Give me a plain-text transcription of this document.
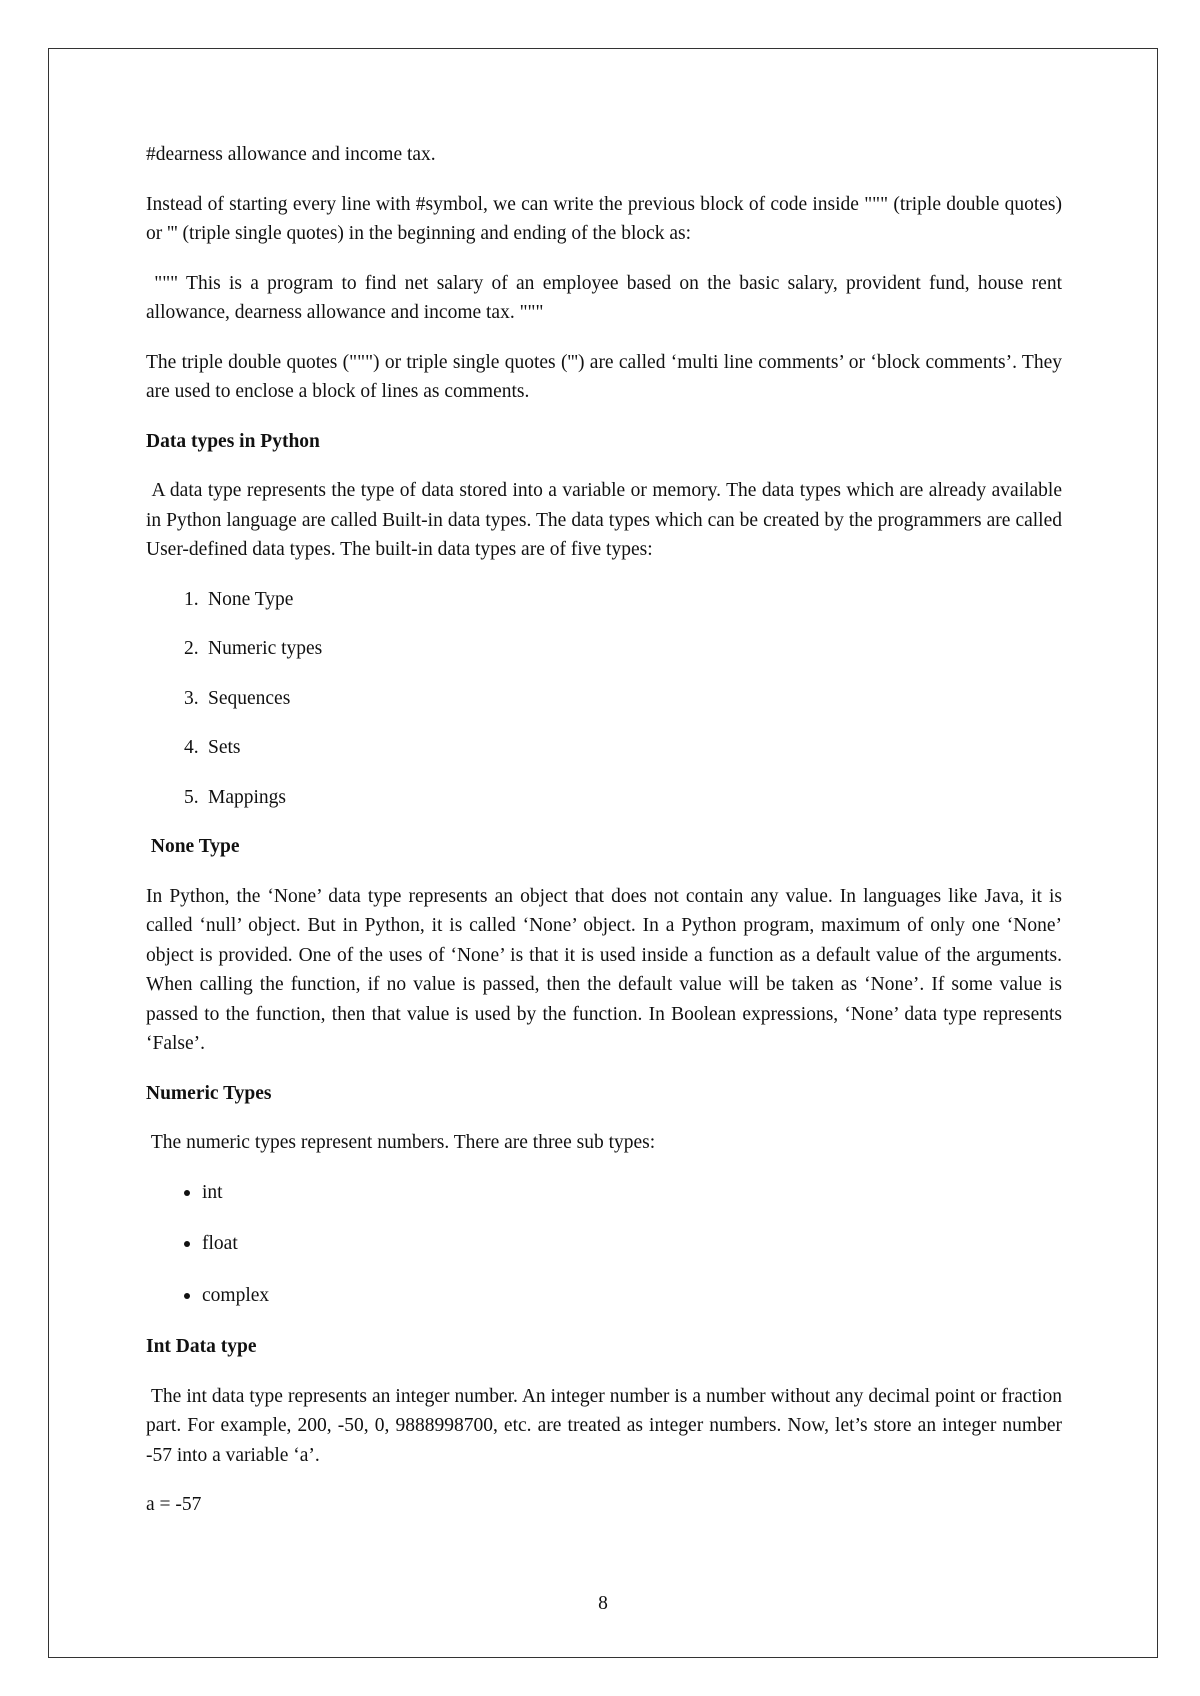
#dearness allowance and income tax.

Instead of starting every line with #symbol, we can write the previous block of code inside """ (triple double quotes) or ''' (triple single quotes) in the beginning and ending of the block as:

""" This is a program to find net salary of an employee based on the basic salary, provident fund, house rent allowance, dearness allowance and income tax. """

The triple double quotes (""") or triple single quotes (''') are called ‘multi line comments’ or ‘block comments’. They are used to enclose a block of lines as comments.

Data types in Python

A data type represents the type of data stored into a variable or memory. The data types which are already available in Python language are called Built-in data types. The data types which can be created by the programmers are called User-defined data types. The built-in data types are of five types:

1. None Type
2. Numeric types
3. Sequences
4. Sets
5. Mappings
None Type

In Python, the ‘None’ data type represents an object that does not contain any value. In languages like Java, it is called ‘null’ object. But in Python, it is called ‘None’ object. In a Python program, maximum of only one ‘None’ object is provided. One of the uses of ‘None’ is that it is used inside a function as a default value of the arguments. When calling the function, if no value is passed, then the default value will be taken as ‘None’. If some value is passed to the function, then that value is used by the function. In Boolean expressions, ‘None’ data type represents ‘False’.

Numeric Types

The numeric types represent numbers. There are three sub types:

int
float
complex
Int Data type

The int data type represents an integer number. An integer number is a number without any decimal point or fraction part. For example, 200, -50, 0, 9888998700, etc. are treated as integer numbers. Now, let’s store an integer number -57 into a variable ‘a’.

a = -57

8
